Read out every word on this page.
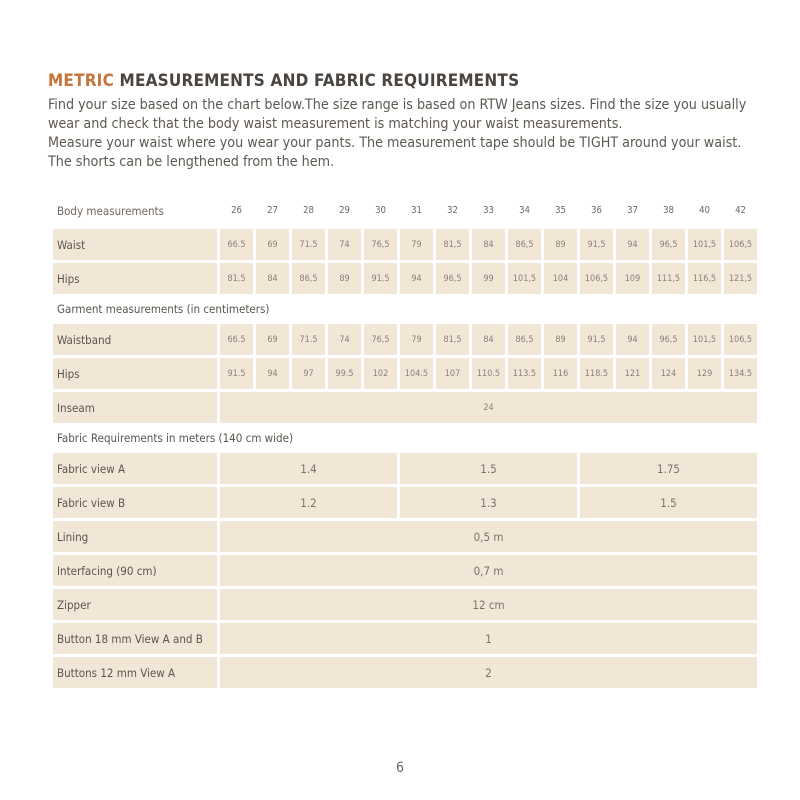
METRIC MEASUREMENTS AND FABRIC REQUIREMENTS

Find your size based on the chart below.The size range is based on RTW Jeans sizes. Find the size you usually wear and check that the body waist measurement is matching your waist measurements.

Measure your waist where you wear your pants. The measurement tape should be TIGHT around your waist. The shorts can be lengthened from the hem.

Body measurements	26	27	28	29	30	31	32	33	34	35	36	37	38	40	42
Waist	66.5	69	71.5	74	76,5	79	81,5	84	86,5	89	91,5	94	96,5	101,5	106,5
Hips	81,5	84	86,5	89	91,5	94	96,5	99	101,5	104	106,5	109	111,5	116,5	121,5
Garment measurements (in centimeters)															
Waistband	66.5	69	71.5	74	76,5	79	81,5	84	86,5	89	91,5	94	96,5	101,5	106,5
Hips	91.5	94	97	99.5	102	104.5	107	110.5	113.5	116	118.5	121	124	129	134.5
Inseam	24														
Fabric Requirements in meters (140 cm wide)															
Fabric view A	1.4					1.5					1.75				
Fabric view B	1.2					1.3					1.5				
Lining	0,5 m														
Interfacing (90 cm)	0,7 m														
Zipper	12 cm														
Button 18 mm View A and B	1														
Buttons 12 mm View A	2														
6
